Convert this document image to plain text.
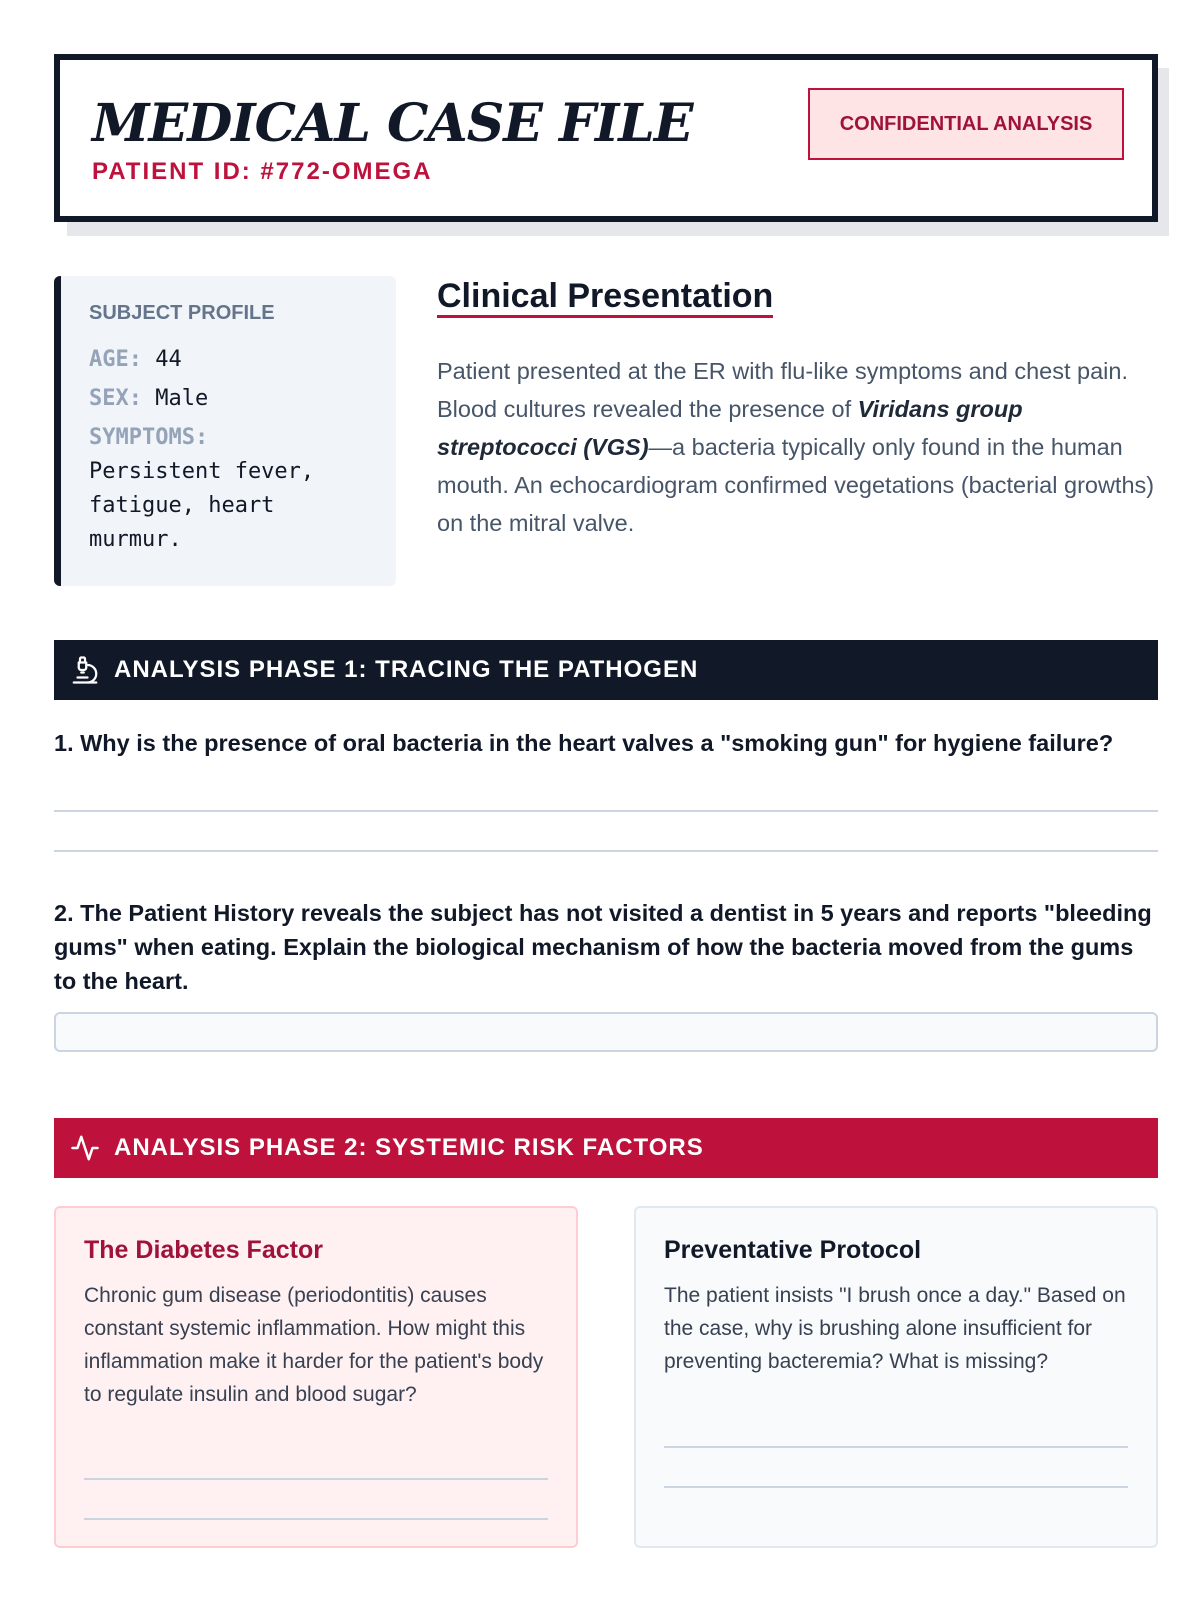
MEDICAL CASE FILE
PATIENT ID: #772-OMEGA
CONFIDENTIAL ANALYSIS
SUBJECT PROFILE
AGE: 44
SEX: Male
SYMPTOMS:
Persistent fever, fatigue, heart murmur.
Clinical Presentation

Patient presented at the ER with flu-like symptoms and chest pain. Blood cultures revealed the presence of Viridans group streptococci (VGS)—a bacteria typically only found in the human mouth. An echocardiogram confirmed vegetations (bacterial growths) on the mitral valve.

ANALYSIS PHASE 1: TRACING THE PATHOGEN
1. Why is the presence of oral bacteria in the heart valves a "smoking gun" for hygiene failure?
2. The Patient History reveals the subject has not visited a dentist in 5 years and reports "bleeding gums" when eating. Explain the biological mechanism of how the bacteria moved from the gums to the heart.
ANALYSIS PHASE 2: SYSTEMIC RISK FACTORS
The Diabetes Factor

Chronic gum disease (periodontitis) causes constant systemic inflammation. How might this inflammation make it harder for the patient's body to regulate insulin and blood sugar?

Preventative Protocol

The patient insists "I brush once a day." Based on the case, why is brushing alone insufficient for preventing bacteremia? What is missing?
